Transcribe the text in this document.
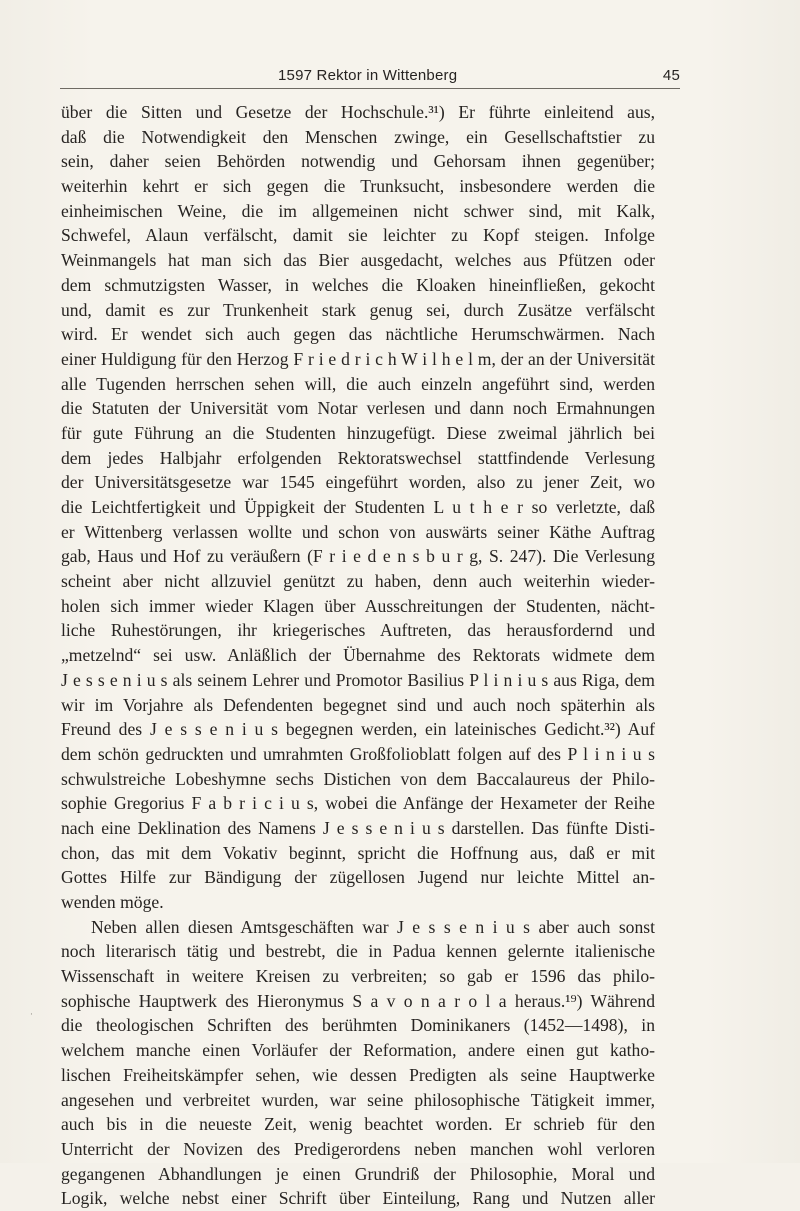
1597 Rektor in Wittenberg	45
über die Sitten und Gesetze der Hochschule.³¹) Er führte einleitend aus,
daß die Notwendigkeit den Menschen zwinge, ein Gesellschaftstier zu
sein, daher seien Behörden notwendig und Gehorsam ihnen gegenüber;
weiterhin kehrt er sich gegen die Trunksucht, insbesondere werden die
einheimischen Weine, die im allgemeinen nicht schwer sind, mit Kalk,
Schwefel, Alaun verfälscht, damit sie leichter zu Kopf steigen. Infolge
Weinmangels hat man sich das Bier ausgedacht, welches aus Pfützen oder
dem schmutzigsten Wasser, in welches die Kloaken hineinfließen, gekocht
und, damit es zur Trunkenheit stark genug sei, durch Zusätze verfälscht
wird. Er wendet sich auch gegen das nächtliche Herumschwärmen. Nach
einer Huldigung für den Herzog F r i e d r i c h W i l h e l m, der an der Universität
alle Tugenden herrschen sehen will, die auch einzeln angeführt sind, werden
die Statuten der Universität vom Notar verlesen und dann noch Ermahnungen
für gute Führung an die Studenten hinzugefügt. Diese zweimal jährlich bei
dem jedes Halbjahr erfolgenden Rektoratswechsel stattfindende Verlesung
der Universitätsgesetze war 1545 eingeführt worden, also zu jener Zeit, wo
die Leichtfertigkeit und Üppigkeit der Studenten L u t h e r so verletzte, daß
er Wittenberg verlassen wollte und schon von auswärts seiner Käthe Auftrag
gab, Haus und Hof zu veräußern (F r i e d e n s b u r g, S. 247). Die Verlesung
scheint aber nicht allzuviel genützt zu haben, denn auch weiterhin wieder-
holen sich immer wieder Klagen über Ausschreitungen der Studenten, nächt-
liche Ruhestörungen, ihr kriegerisches Auftreten, das herausfordernd und
„metzelnd“ sei usw. Anläßlich der Übernahme des Rektorats widmete dem
J e s s e n i u s als seinem Lehrer und Promotor Basilius P l i n i u s aus Riga, dem
wir im Vorjahre als Defendenten begegnet sind und auch noch späterhin als
Freund des J e s s e n i u s begegnen werden, ein lateinisches Gedicht.³²) Auf
dem schön gedruckten und umrahmten Großfolioblatt folgen auf des P l i n i u s
schwulstreiche Lobeshymne sechs Distichen von dem Baccalaureus der Philo-
sophie Gregorius F a b r i c i u s, wobei die Anfänge der Hexameter der Reihe
nach eine Deklination des Namens J e s s e n i u s darstellen. Das fünfte Disti-
chon, das mit dem Vokativ beginnt, spricht die Hoffnung aus, daß er mit
Gottes Hilfe zur Bändigung der zügellosen Jugend nur leichte Mittel an-
wenden möge.
Neben allen diesen Amtsgeschäften war J e s s e n i u s aber auch sonst
noch literarisch tätig und bestrebt, die in Padua kennen gelernte italienische
Wissenschaft in weitere Kreisen zu verbreiten; so gab er 1596 das philo-
sophische Hauptwerk des Hieronymus S a v o n a r o l a heraus.¹⁹) Während
die theologischen Schriften des berühmten Dominikaners (1452—1498), in
welchem manche einen Vorläufer der Reformation, andere einen gut katho-
lischen Freiheitskämpfer sehen, wie dessen Predigten als seine Hauptwerke
angesehen und verbreitet wurden, war seine philosophische Tätigkeit immer,
auch bis in die neueste Zeit, wenig beachtet worden. Er schrieb für den
Unterricht der Novizen des Predigerordens neben manchen wohl verloren
gegangenen Abhandlungen je einen Grundriß der Philosophie, Moral und
Logik, welche nebst einer Schrift über Einteilung, Rang und Nutzen aller
·
